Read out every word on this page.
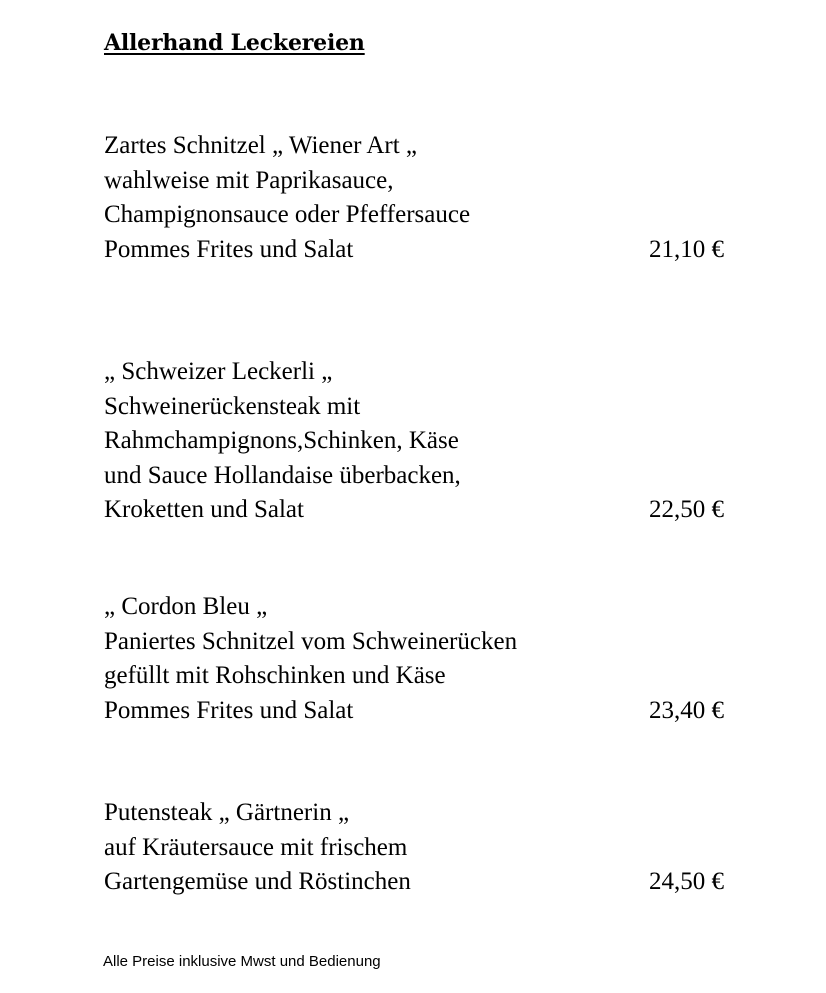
Allerhand Leckereien
Zartes Schnitzel „ Wiener Art „
wahlweise mit Paprikasauce,
Champignonsauce oder Pfeffersauce
Pommes Frites und Salat	21,10 €
„ Schweizer Leckerli „
Schweinerückensteak mit
Rahmchampignons,Schinken, Käse
und Sauce Hollandaise überbacken,
Kroketten und Salat	22,50 €
„ Cordon Bleu „
Paniertes Schnitzel vom Schweinerücken
gefüllt mit Rohschinken und Käse
Pommes Frites und Salat	23,40 €
Putensteak „ Gärtnerin „
auf Kräutersauce mit frischem
Gartengemüse und Röstinchen	24,50 €
Alle Preise inklusive Mwst und Bedienung
